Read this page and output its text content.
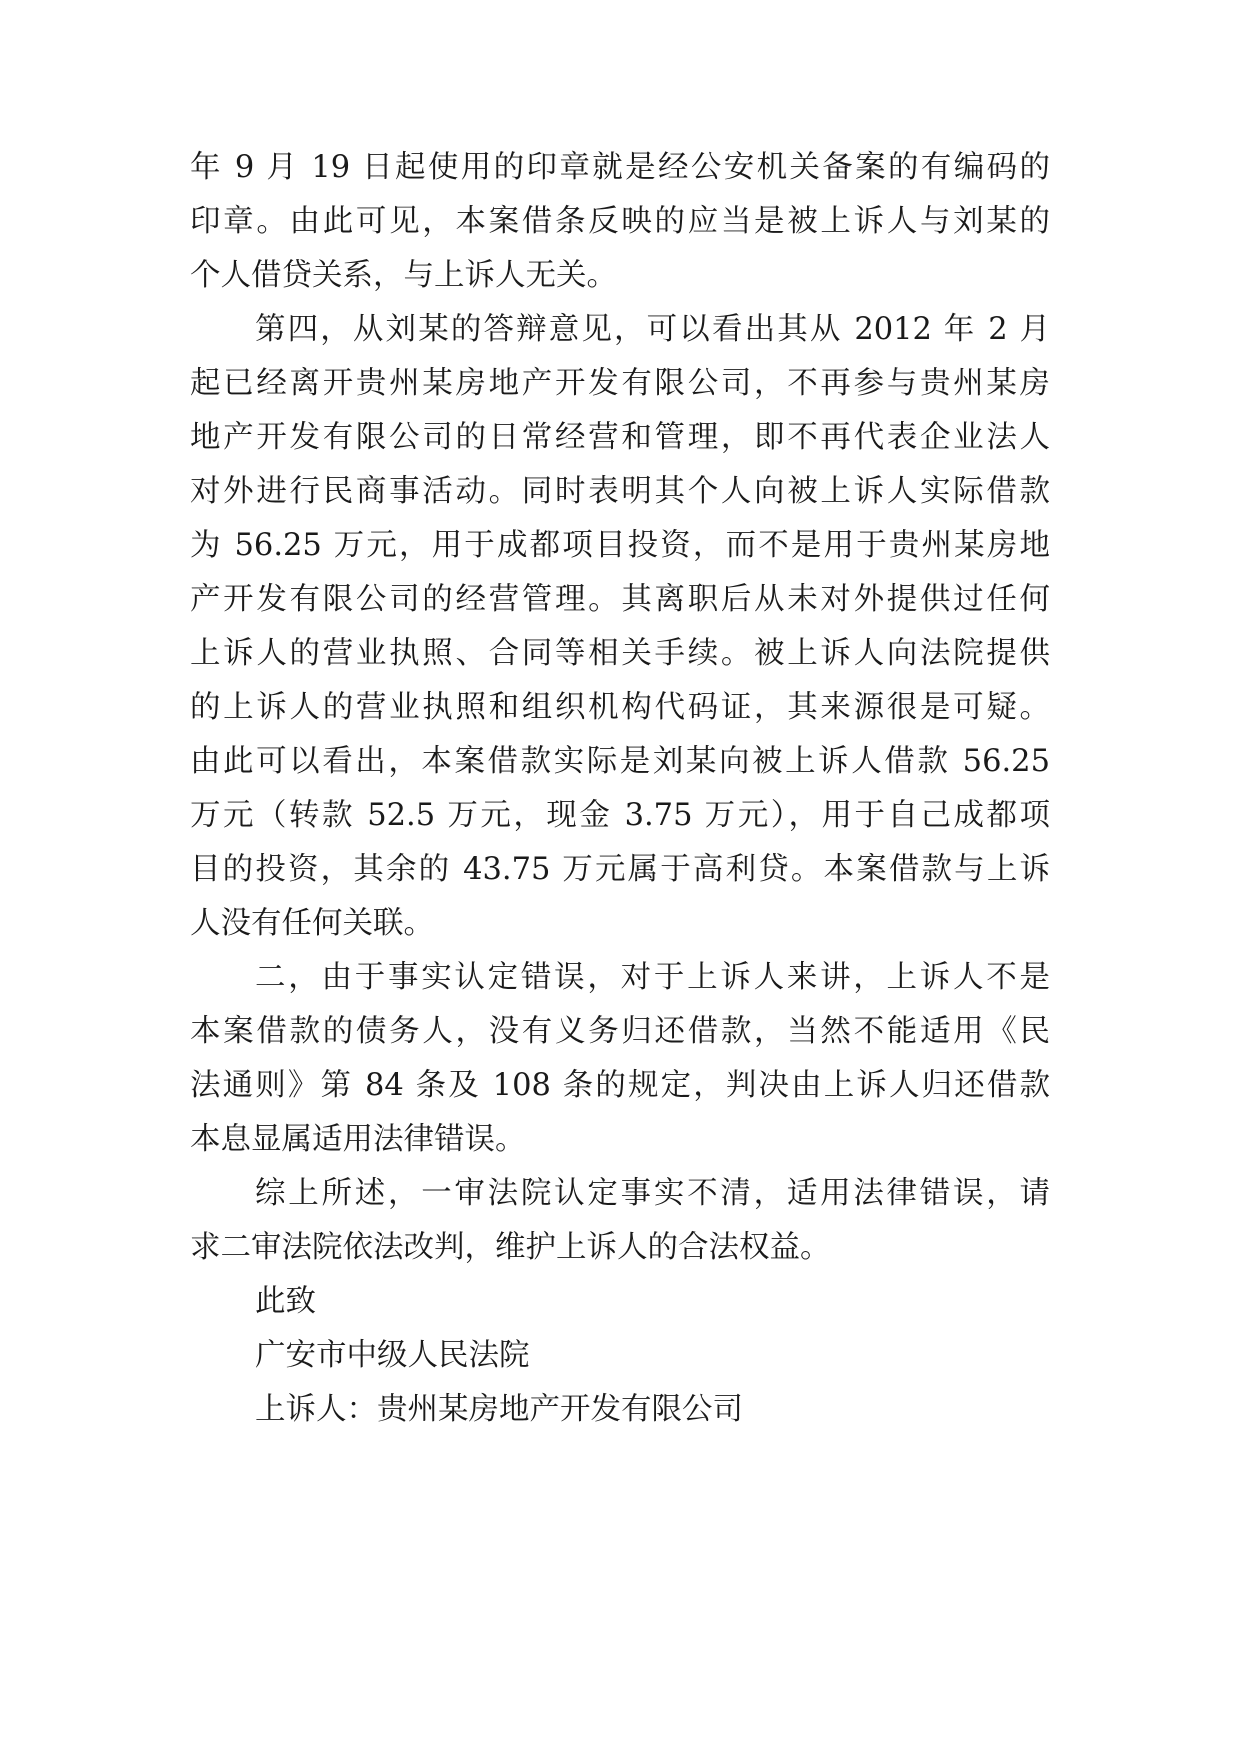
年 9 月 19 日起使用的印章就是经公安机关备案的有编码的
印章。由此可见，本案借条反映的应当是被上诉人与刘某的
个人借贷关系，与上诉人无关。
第四，从刘某的答辩意见，可以看出其从 2012 年 2 月
起已经离开贵州某房地产开发有限公司，不再参与贵州某房
地产开发有限公司的日常经营和管理，即不再代表企业法人
对外进行民商事活动。同时表明其个人向被上诉人实际借款
为 56.25 万元，用于成都项目投资，而不是用于贵州某房地
产开发有限公司的经营管理。其离职后从未对外提供过任何
上诉人的营业执照、合同等相关手续。被上诉人向法院提供
的上诉人的营业执照和组织机构代码证，其来源很是可疑。
由此可以看出，本案借款实际是刘某向被上诉人借款 56.25
万元（转款 52.5 万元，现金 3.75 万元），用于自己成都项
目的投资，其余的 43.75 万元属于高利贷。本案借款与上诉
人没有任何关联。
二，由于事实认定错误，对于上诉人来讲，上诉人不是
本案借款的债务人，没有义务归还借款，当然不能适用《民
法通则》第 84 条及 108 条的规定，判决由上诉人归还借款
本息显属适用法律错误。
综上所述，一审法院认定事实不清，适用法律错误，请
求二审法院依法改判，维护上诉人的合法权益。
此致
广安市中级人民法院
上诉人：贵州某房地产开发有限公司
